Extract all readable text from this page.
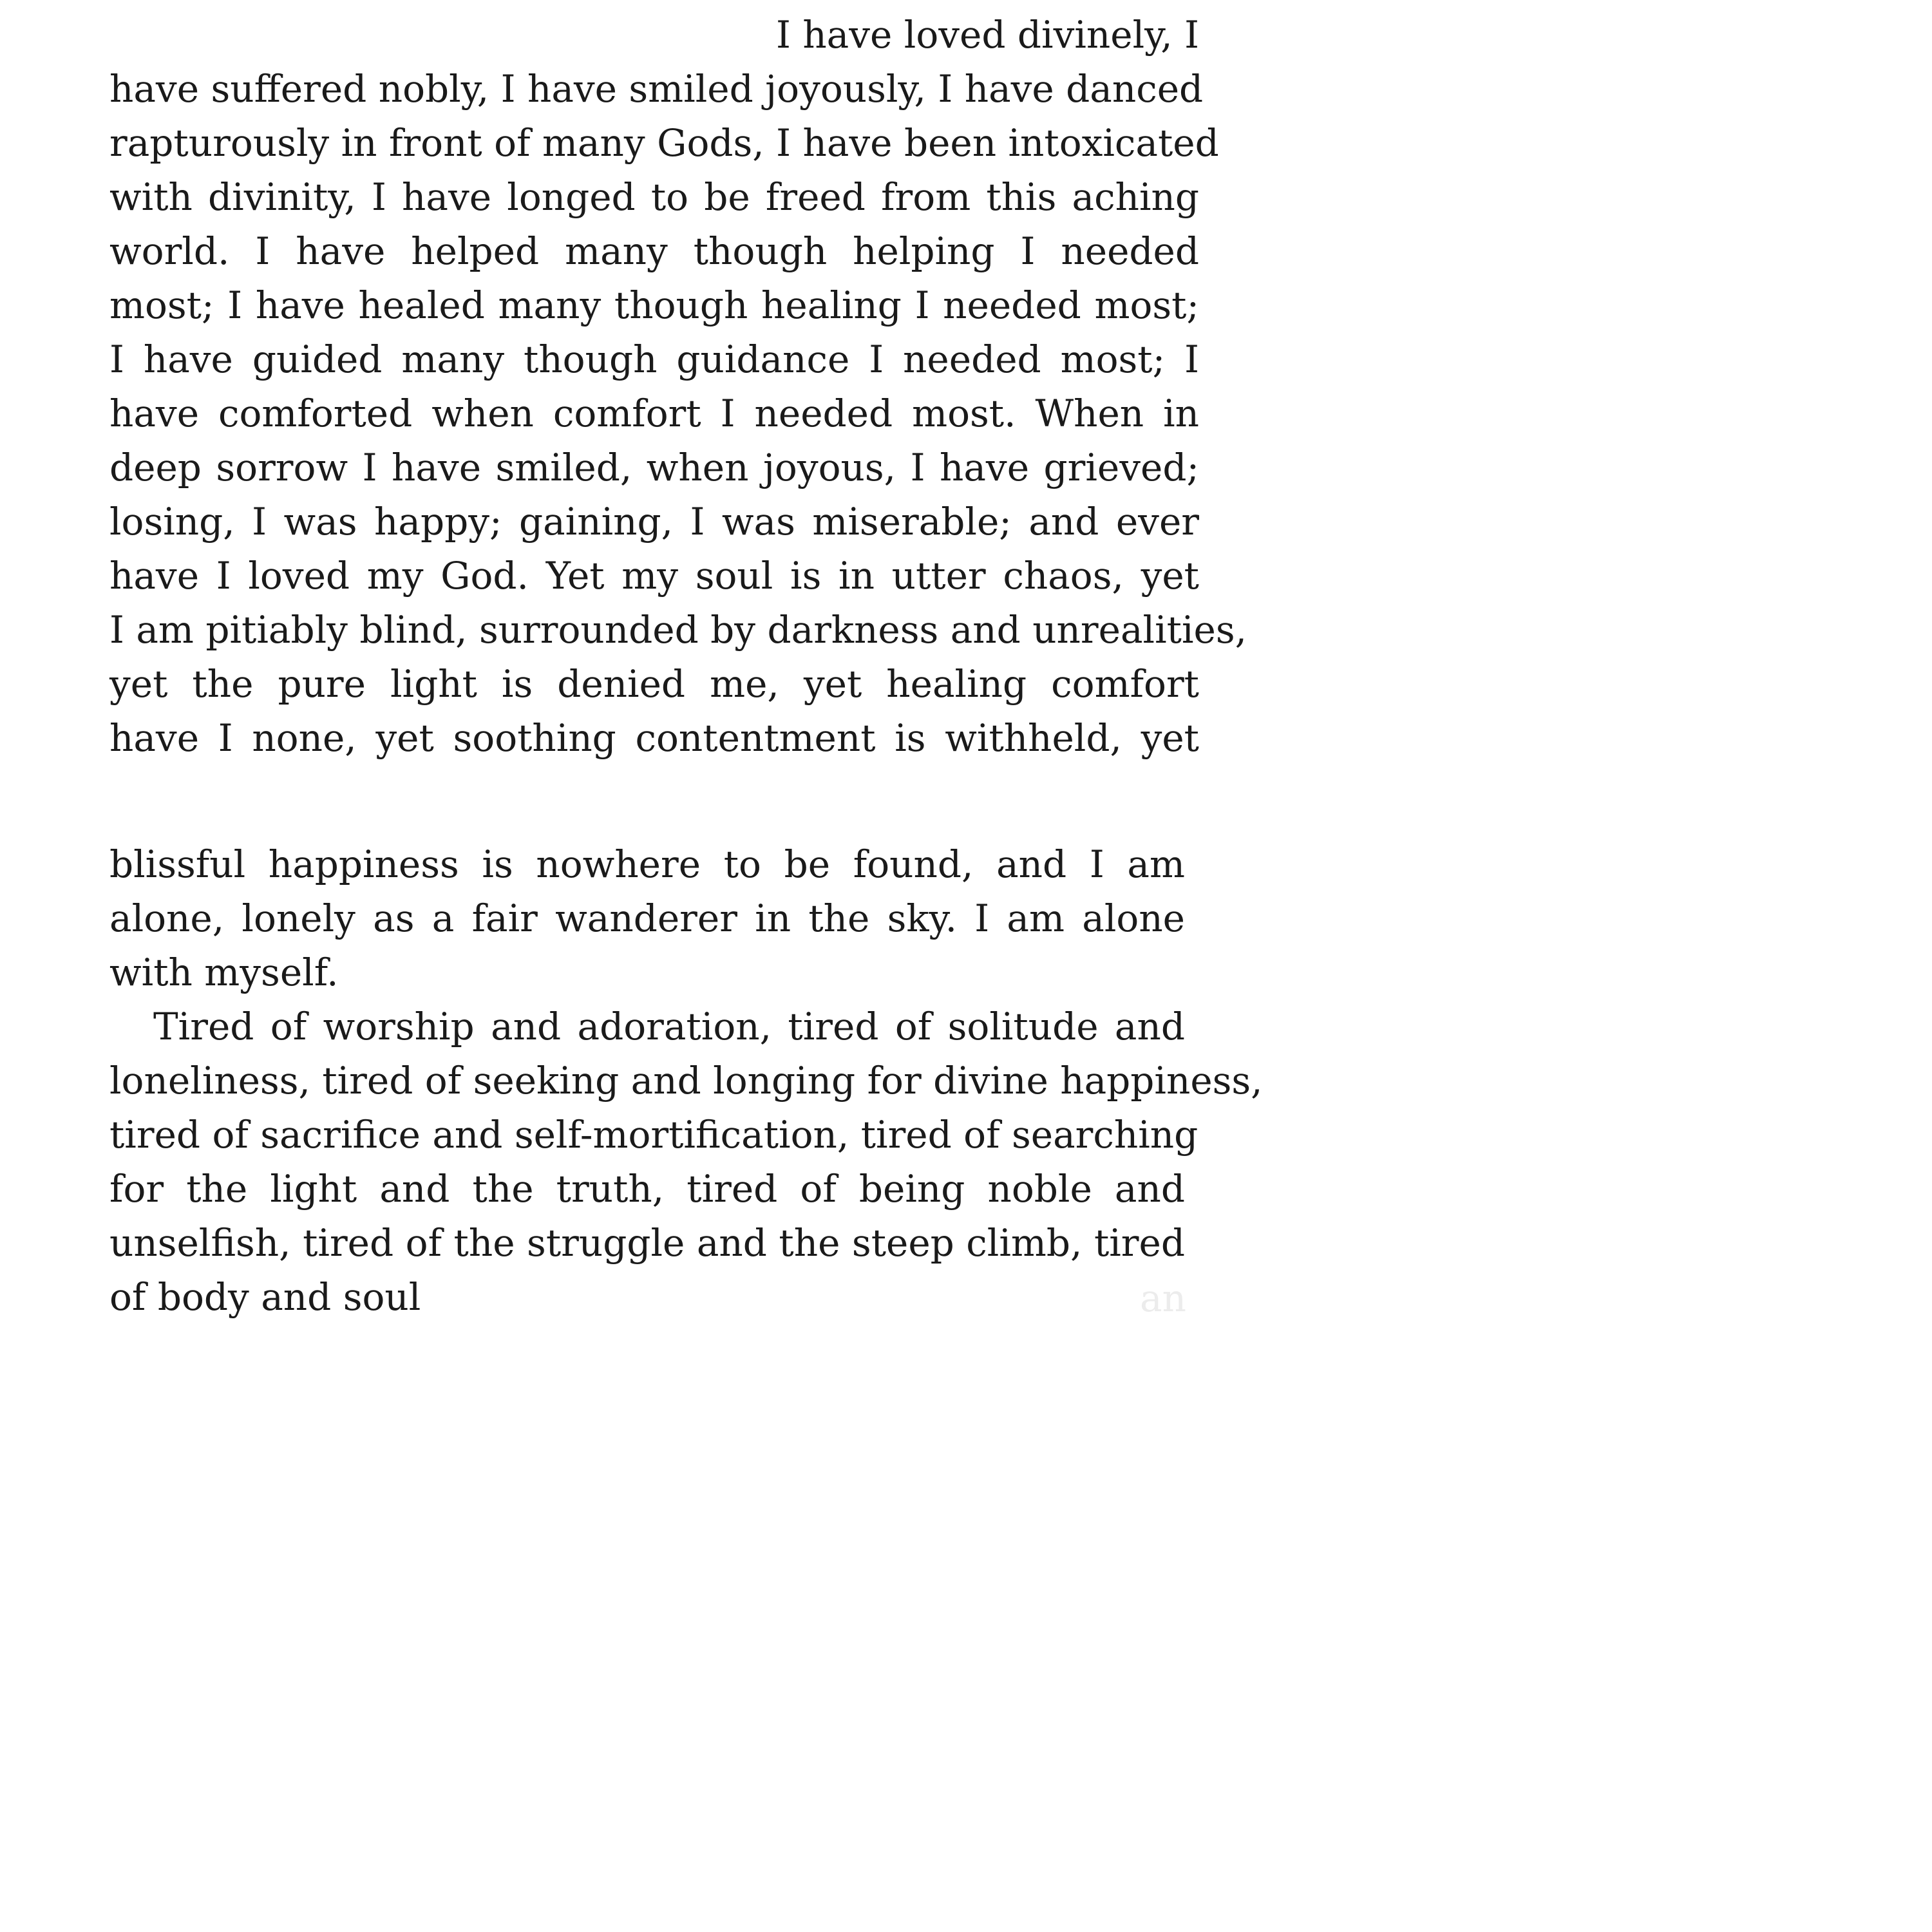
I have loved divinely, I
have suffered nobly, I have smiled joyously, I have danced
rapturously in front of many Gods, I have been intoxicated
with divinity, I have longed to be freed from this aching
world. I have helped many though helping I needed
most; I have healed many though healing I needed most;
I have guided many though guidance I needed most; I
have comforted when comfort I needed most. When in
deep sorrow I have smiled, when joyous, I have grieved;
losing, I was happy; gaining, I was miserable; and ever
have I loved my God. Yet my soul is in utter chaos, yet
I am pitiably blind, surrounded by darkness and unrealities,
yet the pure light is denied me, yet healing comfort
have I none, yet soothing contentment is withheld, yet
blissful happiness is nowhere to be found, and I am
alone, lonely as a fair wanderer in the sky. I am alone
with myself.
Tired of worship and adoration, tired of solitude and
loneliness, tired of seeking and longing for divine happiness,
tired of sacrifice and self-mortification, tired of searching
for the light and the truth, tired of being noble and
unselfish, tired of the struggle and the steep climb, tired
of body and soul	an
